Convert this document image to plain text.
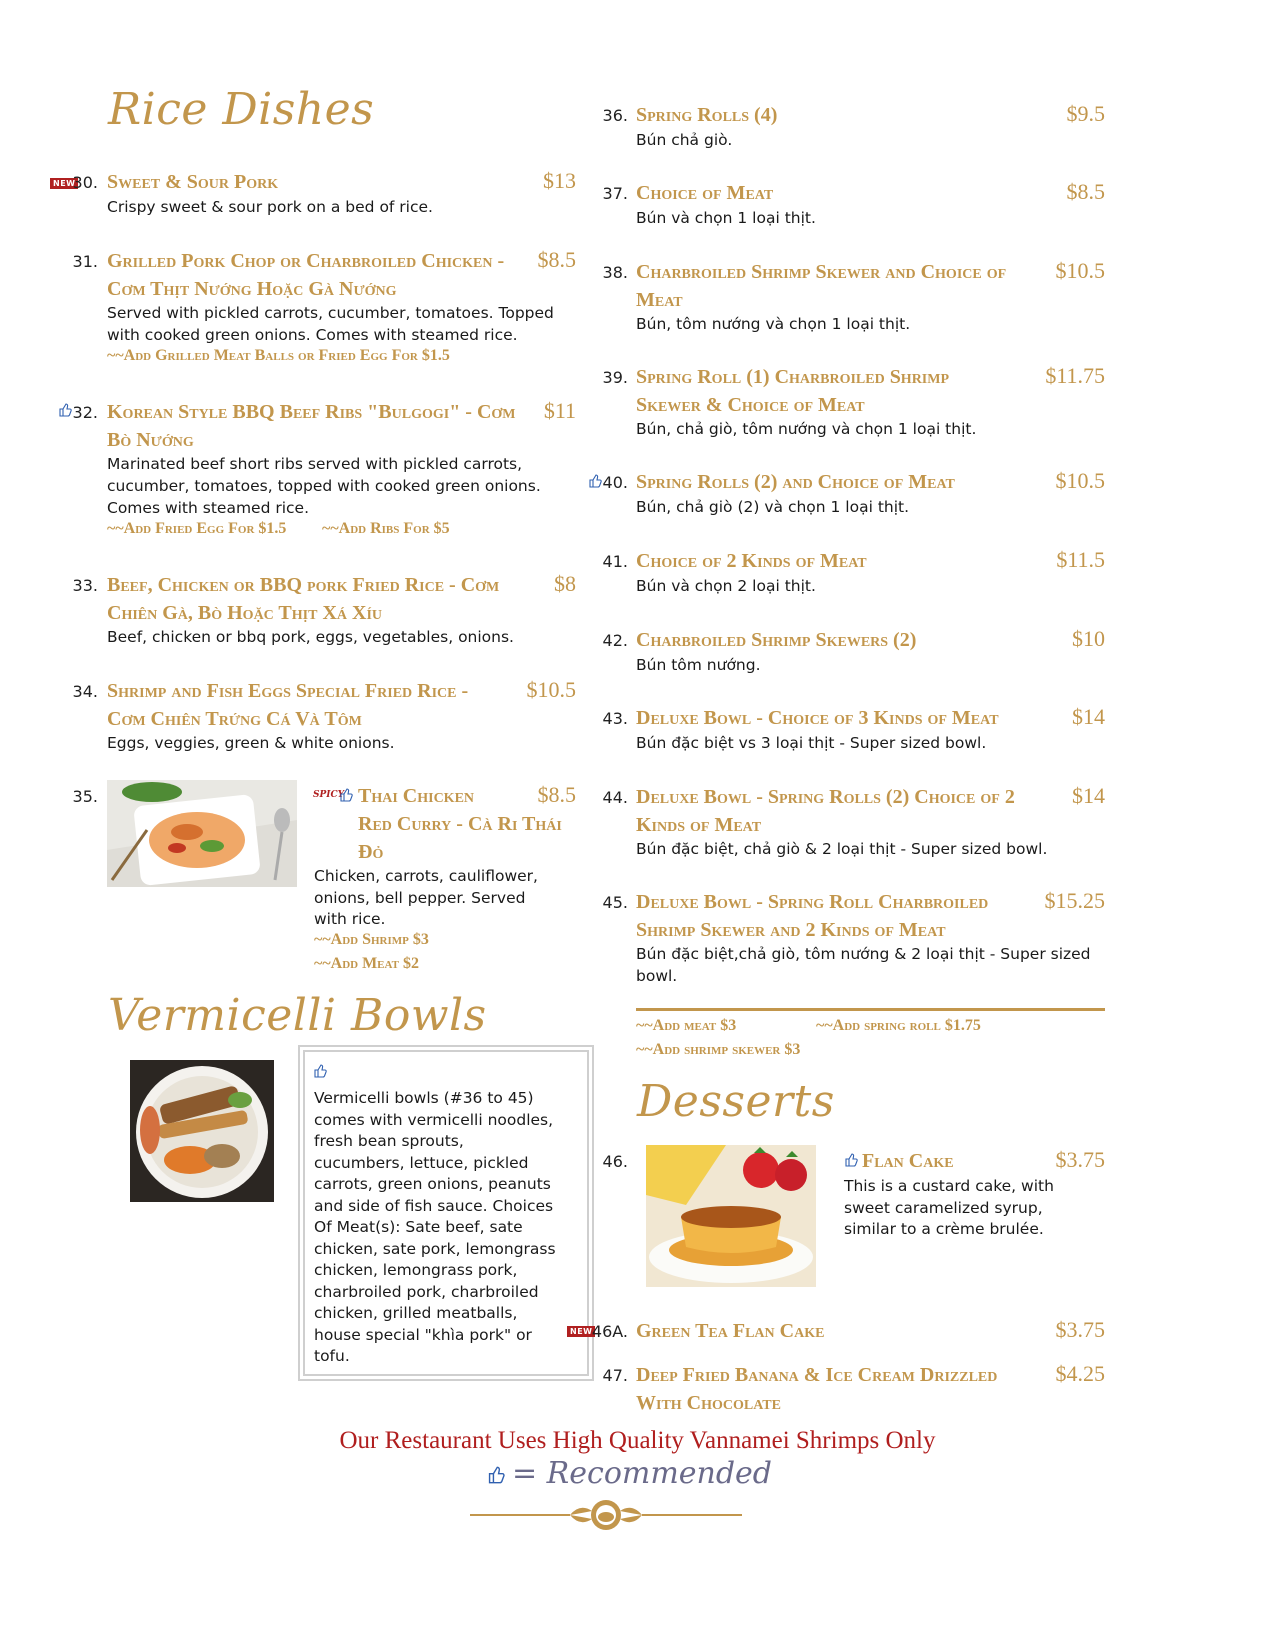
Rice Dishes
NEW
30. Sweet & Sour Pork	$13
Crispy sweet & sour pork on a bed of rice.
31. Grilled Pork Chop or Charbroiled Chicken -
Cơm Thịt Nướng Hoặc Gà Nướng
$8.5
Served with pickled carrots, cucumber, tomatoes. Topped
with cooked green onions. Comes with steamed rice.
~~Add Grilled Meat Balls or Fried Egg For $1.5
32. Korean Style BBQ Beef Ribs "Bulgogi" - Cơm
Bò Nướng
$11
Marinated beef short ribs served with pickled carrots,
cucumber, tomatoes, topped with cooked green onions.
Comes with steamed rice.
~~Add Fried Egg For $1.5 ~~Add Ribs For $5
33. Beef, Chicken or BBQ pork Fried Rice - Cơm
Chiên Gà, Bò Hoặc Thịt Xá Xíu
$8
Beef, chicken or bbq pork, eggs, vegetables, onions.
34. Shrimp and Fish Eggs Special Fried Rice -
Cơm Chiên Trứng Cá Và Tôm
$10.5
Eggs, veggies, green & white onions.
35.	SPICY Thai Chicken
Red Curry - Cà Ri Thái
Đỏ
$8.5
Chicken, carrots, cauliflower,
onions, bell pepper. Served
with rice.
~~Add Shrimp $3
~~Add Meat $2
Vermicelli Bowls
Vermicelli bowls (#36 to 45)
comes with vermicelli noodles,
fresh bean sprouts,
cucumbers, lettuce, pickled
carrots, green onions, peanuts
and side of fish sauce. Choices
Of Meat(s): Sate beef, sate
chicken, sate pork, lemongrass
chicken, lemongrass pork,
charbroiled pork, charbroiled
chicken, grilled meatballs,
house special "khìa pork" or
tofu.
36. Spring Rolls (4)	$9.5
Bún chả giò.
37. Choice of Meat	$8.5
Bún và chọn 1 loại thịt.
38. Charbroiled Shrimp Skewer and Choice of
Meat
$10.5
Bún, tôm nướng và chọn 1 loại thịt.
39. Spring Roll (1) Charbroiled Shrimp
Skewer & Choice of Meat
$11.75
Bún, chả giò, tôm nướng và chọn 1 loại thịt.
40. Spring Rolls (2) and Choice of Meat	$10.5
Bún, chả giò (2) và chọn 1 loại thịt.
41. Choice of 2 Kinds of Meat	$11.5
Bún và chọn 2 loại thịt.
42. Charbroiled Shrimp Skewers (2)	$10
Bún tôm nướng.
43. Deluxe Bowl - Choice of 3 Kinds of Meat	$14
Bún đặc biệt vs 3 loại thịt - Super sized bowl.
44. Deluxe Bowl - Spring Rolls (2) Choice of 2
Kinds of Meat
$14
Bún đặc biệt, chả giò & 2 loại thịt - Super sized bowl.
45. Deluxe Bowl - Spring Roll Charbroiled
Shrimp Skewer and 2 Kinds of Meat
$15.25
Bún đặc biệt,chả giò, tôm nướng & 2 loại thịt - Super sized
bowl.
~~Add meat $3	~~Add spring roll $1.75
~~Add shrimp skewer $3
Desserts
46.	Flan Cake	$3.75
This is a custard cake, with
sweet caramelized syrup,
similar to a crème brulée.
NEW 46A. Green Tea Flan Cake	$3.75
47. Deep Fried Banana & Ice Cream Drizzled
With Chocolate
$4.25
Our Restaurant Uses High Quality Vannamei Shrimps Only
= Recommended
